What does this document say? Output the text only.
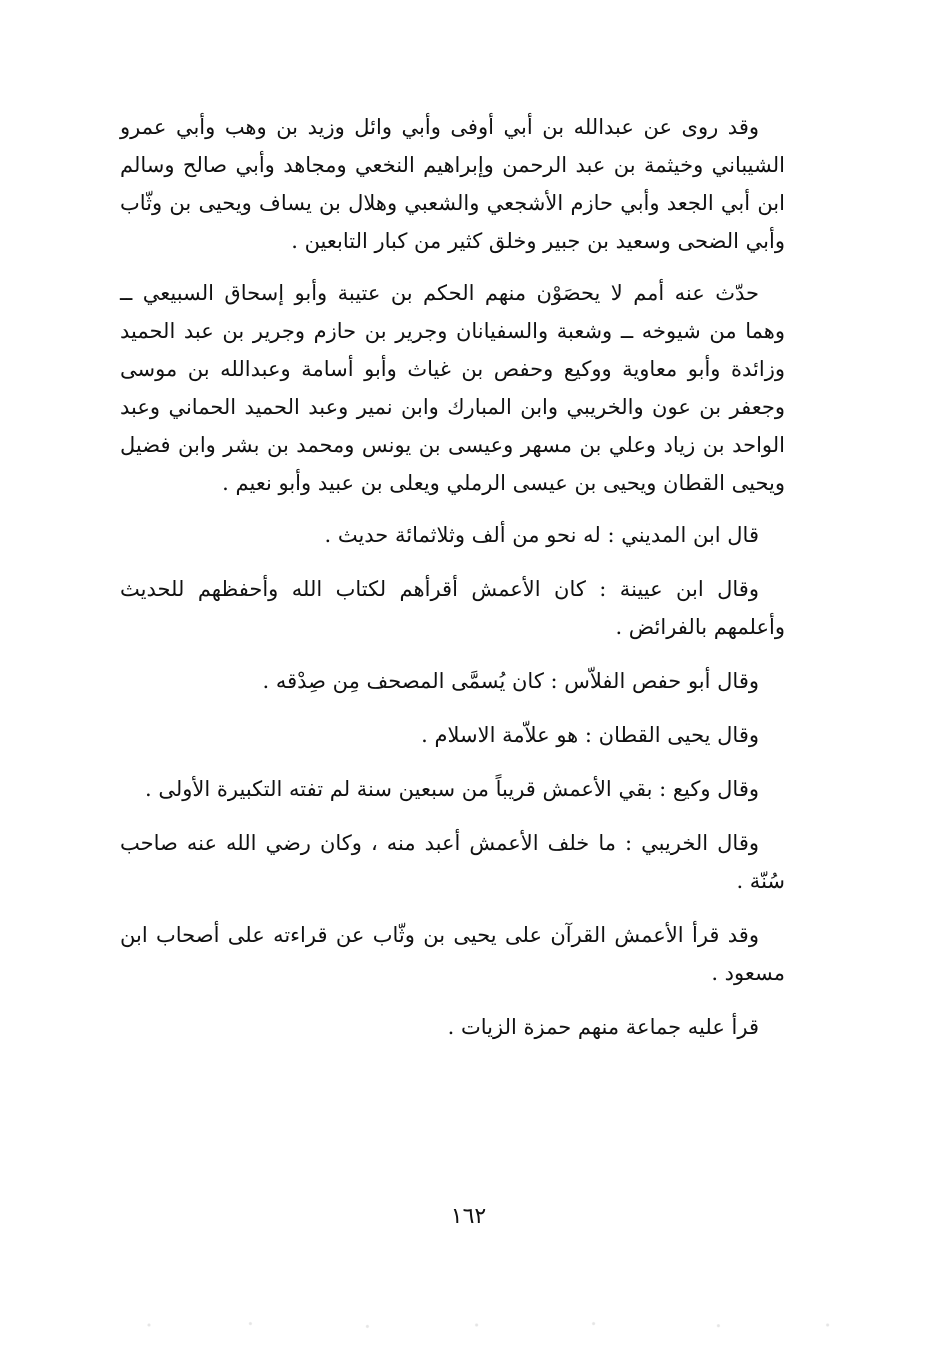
وقد روى عن عبدالله بن أبي أوفى وأبي وائل وزيد بن وهب وأبي عمرو الشيباني وخيثمة بن عبد الرحمن وإبراهيم النخعي ومجاهد وأبي صالح وسالم ابن أبي الجعد وأبي حازم الأشجعي والشعبي وهلال بن يساف ويحيى بن وثّاب وأبي الضحى وسعيد بن جبير وخلق كثير من كبار التابعين .

حدّث عنه أمم لا يحصَوْن منهم الحكم بن عتيبة وأبو إسحاق السبيعي ــ وهما من شيوخه ــ وشعبة والسفيانان وجرير بن حازم وجرير بن عبد الحميد وزائدة وأبو معاوية ووكيع وحفص بن غياث وأبو أسامة وعبدالله بن موسى وجعفر بن عون والخريبي وابن المبارك وابن نمير وعبد الحميد الحماني وعبد الواحد بن زياد وعلي بن مسهر وعيسى بن يونس ومحمد بن بشر وابن فضيل ويحيى القطان ويحيى بن عيسى الرملي ويعلى بن عبيد وأبو نعيم .

قال ابن المديني : له نحو من ألف وثلاثمائة حديث .

وقال ابن عيينة : كان الأعمش أقرأهم لكتاب الله وأحفظهم للحديث وأعلمهم بالفرائض .

وقال أبو حفص الفلاّس : كان يُسمَّى المصحف مِن صِدْقه .

وقال يحيى القطان : هو علاّمة الاسلام .

وقال وكيع : بقي الأعمش قريباً من سبعين سنة لم تفته التكبيرة الأولى .

وقال الخريبي : ما خلف الأعمش أعبد منه ، وكان رضي الله عنه صاحب سُنّة .

وقد قرأ الأعمش القرآن على يحيى بن وثّاب عن قراءته على أصحاب ابن مسعود .

قرأ عليه جماعة منهم حمزة الزيات .

١٦٢
